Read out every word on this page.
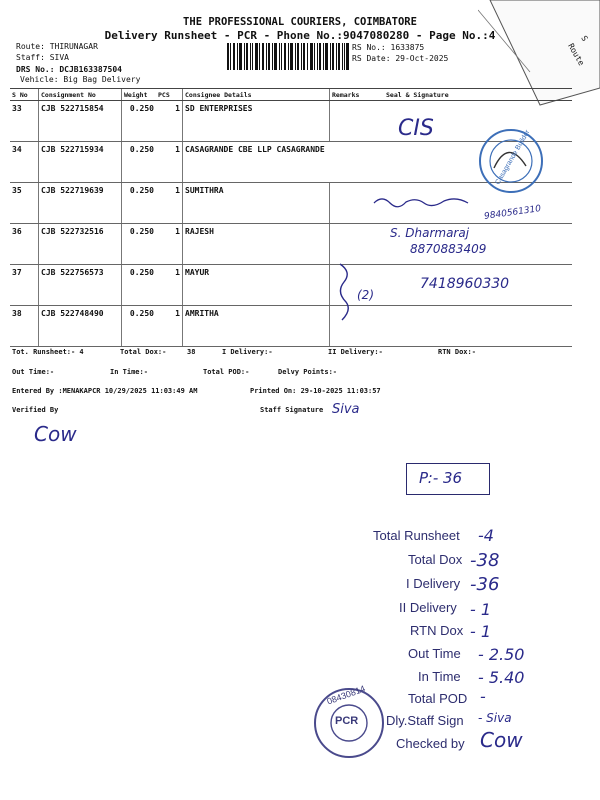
THE PROFESSIONAL COURIERS, COIMBATORE
Delivery Runsheet - PCR - Phone No.:9047080280 - Page No.:4
Route: THIRUNAGAR
Staff: SIVA
DRS No.: DCJB163387504
Vehicle: Big Bag Delivery
RS No.: 1633875
RS Date: 29-Oct-2025	Route
S
S No	Consignment No	Weight	PCS	Consignee Details	Remarks	Seal & Signature
33	CJB 522715854	0.250	1	SD ENTERPRISES		
34	CJB 522715934	0.250	1	CASAGRANDE CBE LLP CASAGRANDE		
35	CJB 522719639	0.250	1	SUMITHRA		
36	CJB 522732516	0.250	1	RAJESH		
37	CJB 522756573	0.250	1	MAYUR		
38	CJB 522748490	0.250	1	AMRITHA		
CIS
Casagrande Builder
9840561310
S. Dharmaraj
8870883409
(2)
7418960330
Tot. Runsheet:- 4	Total Dox:-	38	I Delivery:-	II Delivery:-	RTN Dox:-
Out Time:-	In Time:-	Total POD:-	Delvy Points:-
Entered By :MENAKAPCR 10/29/2025 11:03:49 AM	Printed On: 29-10-2025 11:03:57
Verified By	Staff Signature Siva
Cow
P:- 36
Total Runsheet -4
Total Dox -38
I Delivery -36
II Delivery - 1
RTN Dox - 1
Out Time - 2.50
In Time - 5.40
Total POD -
Dly.Staff Sign - Siva
Checked by Cow
PCR
08430814
